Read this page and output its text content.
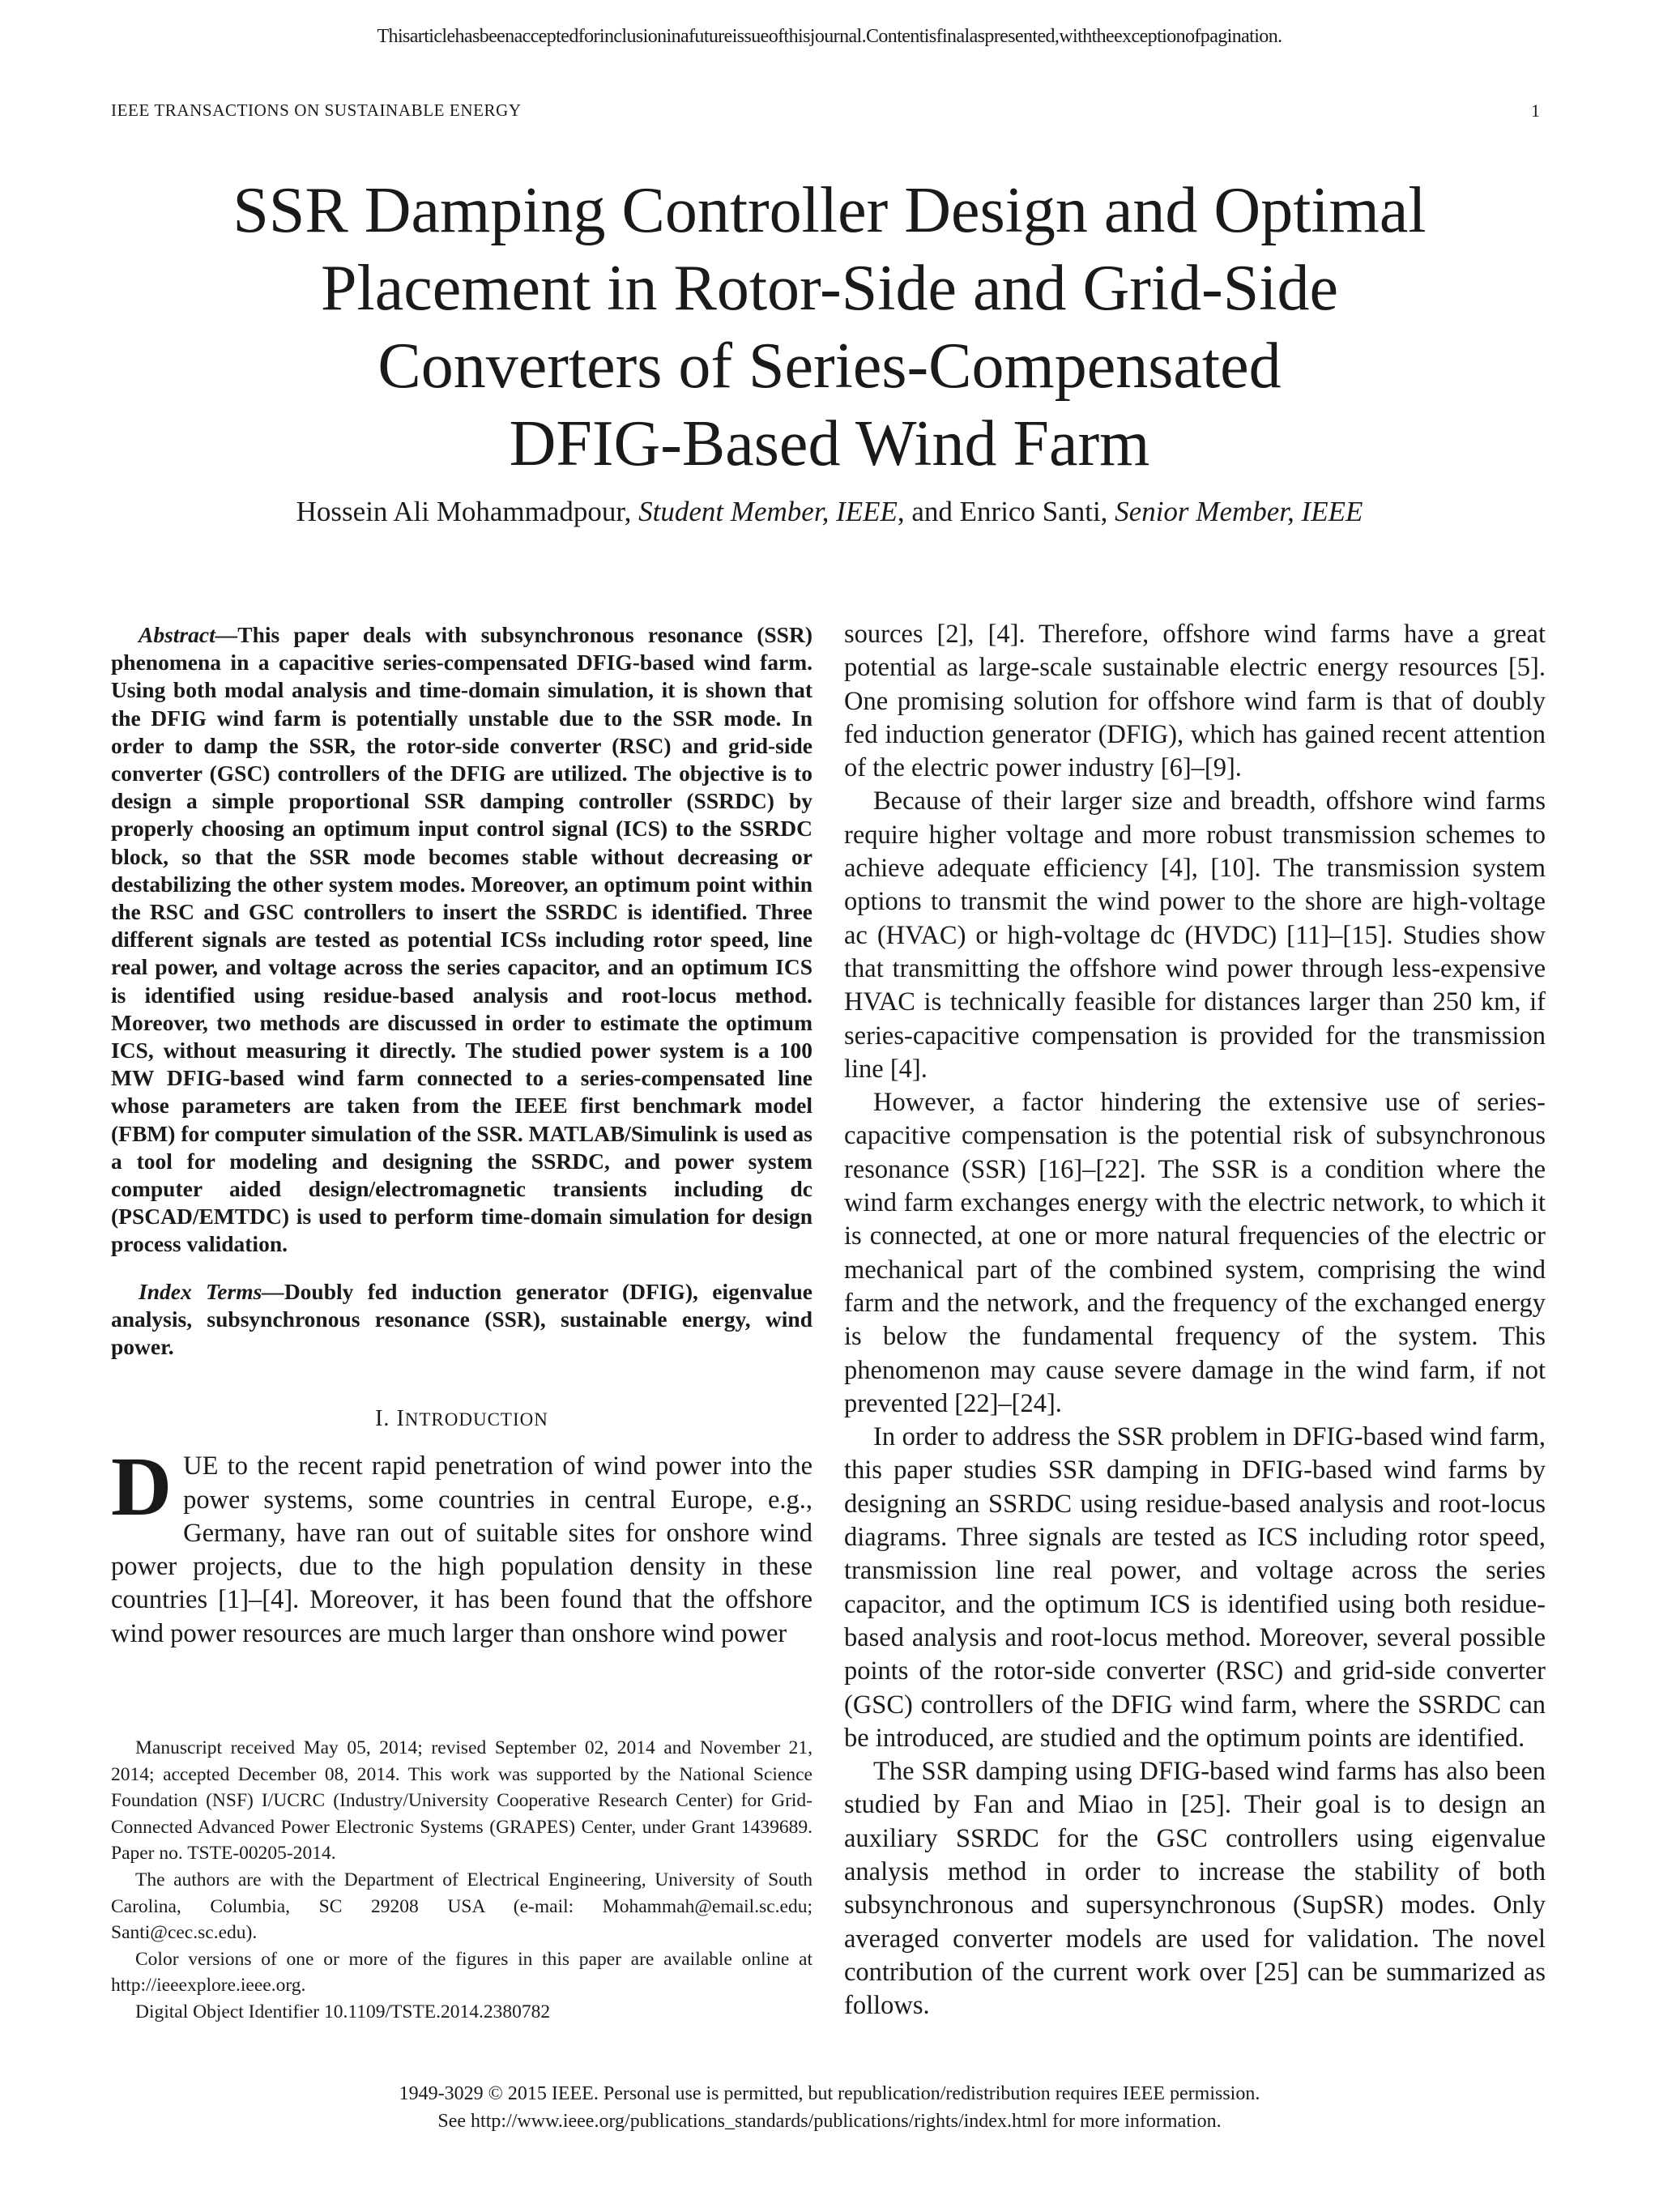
Thisarticlehasbeenacceptedforinclusioninafutureissueofthisjournal.Contentisfinalaspresented,withtheexceptionofpagination.
IEEE TRANSACTIONS ON SUSTAINABLE ENERGY	1
SSR Damping Controller Design and Optimal
Placement in Rotor-Side and Grid-Side
Converters of Series-Compensated
DFIG-Based Wind Farm
Hossein Ali Mohammadpour, Student Member, IEEE, and Enrico Santi, Senior Member, IEEE

Abstract—This paper deals with subsynchronous resonance (SSR) phenomena in a capacitive series-compensated DFIG-based wind farm. Using both modal analysis and time-domain simulation, it is shown that the DFIG wind farm is potentially unstable due to the SSR mode. In order to damp the SSR, the rotor-side converter (RSC) and grid-side converter (GSC) controllers of the DFIG are utilized. The objective is to design a simple proportional SSR damping controller (SSRDC) by properly choosing an optimum input control signal (ICS) to the SSRDC block, so that the SSR mode becomes stable without decreasing or destabilizing the other system modes. Moreover, an optimum point within the RSC and GSC controllers to insert the SSRDC is identified. Three different signals are tested as potential ICSs including rotor speed, line real power, and voltage across the series capacitor, and an optimum ICS is identified using residue-based analysis and root-locus method. Moreover, two methods are discussed in order to estimate the optimum ICS, without measuring it directly. The studied power system is a 100 MW DFIG-based wind farm connected to a series-compensated line whose parameters are taken from the IEEE first benchmark model (FBM) for computer simulation of the SSR. MATLAB/Simulink is used as a tool for modeling and designing the SSRDC, and power system computer aided design/electromagnetic transients including dc (PSCAD/EMTDC) is used to perform time-domain simulation for design process validation.

Index Terms—Doubly fed induction generator (DFIG), eigenvalue analysis, subsynchronous resonance (SSR), sustainable energy, wind power.

I. INTRODUCTION

DUE to the recent rapid penetration of wind power into the power systems, some countries in central Europe, e.g., Germany, have ran out of suitable sites for onshore wind power projects, due to the high population density in these countries [1]–[4]. Moreover, it has been found that the offshore wind power resources are much larger than onshore wind power

Manuscript received May 05, 2014; revised September 02, 2014 and November 21, 2014; accepted December 08, 2014. This work was supported by the National Science Foundation (NSF) I/UCRC (Industry/University Cooperative Research Center) for Grid-Connected Advanced Power Electronic Systems (GRAPES) Center, under Grant 1439689. Paper no. TSTE-00205-2014.

The authors are with the Department of Electrical Engineering, University of South Carolina, Columbia, SC 29208 USA (e-mail: Mohammah@email.sc.edu; Santi@cec.sc.edu).

Color versions of one or more of the figures in this paper are available online at http://ieeexplore.ieee.org.

Digital Object Identifier 10.1109/TSTE.2014.2380782

sources [2], [4]. Therefore, offshore wind farms have a great potential as large-scale sustainable electric energy resources [5]. One promising solution for offshore wind farm is that of doubly fed induction generator (DFIG), which has gained recent attention of the electric power industry [6]–[9].

Because of their larger size and breadth, offshore wind farms require higher voltage and more robust transmission schemes to achieve adequate efficiency [4], [10]. The transmission system options to transmit the wind power to the shore are high-voltage ac (HVAC) or high-voltage dc (HVDC) [11]–[15]. Studies show that transmitting the offshore wind power through less-expensive HVAC is technically feasible for distances larger than 250 km, if series-capacitive compensation is provided for the transmission line [4].

However, a factor hindering the extensive use of series-capacitive compensation is the potential risk of subsynchronous resonance (SSR) [16]–[22]. The SSR is a condition where the wind farm exchanges energy with the electric network, to which it is connected, at one or more natural frequencies of the electric or mechanical part of the combined system, comprising the wind farm and the network, and the frequency of the exchanged energy is below the fundamental frequency of the system. This phenomenon may cause severe damage in the wind farm, if not prevented [22]–[24].

In order to address the SSR problem in DFIG-based wind farm, this paper studies SSR damping in DFIG-based wind farms by designing an SSRDC using residue-based analysis and root-locus diagrams. Three signals are tested as ICS including rotor speed, transmission line real power, and voltage across the series capacitor, and the optimum ICS is identified using both residue-based analysis and root-locus method. Moreover, several possible points of the rotor-side converter (RSC) and grid-side converter (GSC) controllers of the DFIG wind farm, where the SSRDC can be introduced, are studied and the optimum points are identified.

The SSR damping using DFIG-based wind farms has also been studied by Fan and Miao in [25]. Their goal is to design an auxiliary SSRDC for the GSC controllers using eigenvalue analysis method in order to increase the stability of both subsynchronous and supersynchronous (SupSR) modes. Only averaged converter models are used for validation. The novel contribution of the current work over [25] can be summarized as follows.

1949-3029 © 2015 IEEE. Personal use is permitted, but republication/redistribution requires IEEE permission.
See http://www.ieee.org/publications_standards/publications/rights/index.html for more information.
